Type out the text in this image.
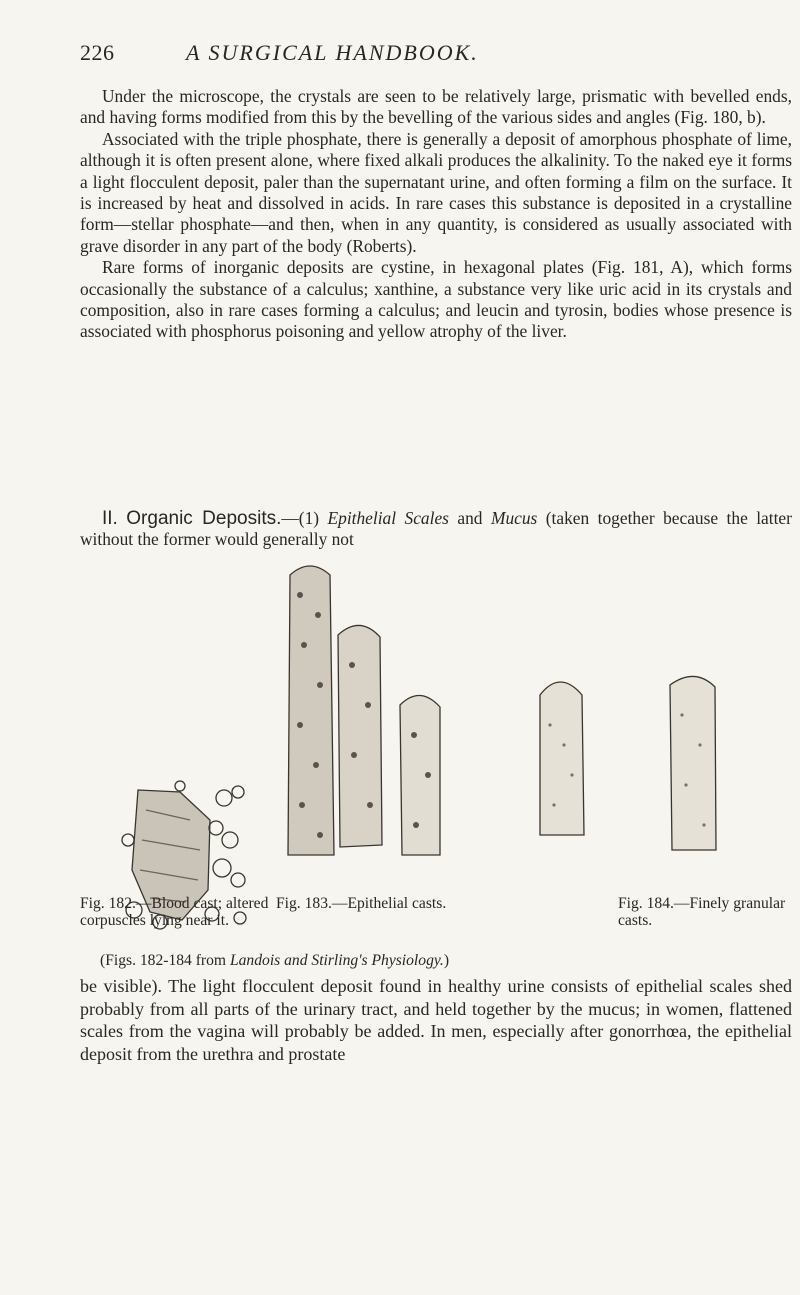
226	A SURGICAL HANDBOOK.

Under the microscope, the crystals are seen to be relatively large, prismatic with bevelled ends, and having forms modified from this by the bevelling of the various sides and angles (Fig. 180, b).

Associated with the triple phosphate, there is generally a deposit of amorphous phosphate of lime, although it is often present alone, where fixed alkali produces the alkalinity. To the naked eye it forms a light flocculent deposit, paler than the supernatant urine, and often forming a film on the surface. It is increased by heat and dissolved in acids. In rare cases this substance is deposited in a crystalline form—stellar phosphate—and then, when in any quantity, is considered as usually associated with grave disorder in any part of the body (Roberts).

Rare forms of inorganic deposits are cystine, in hexagonal plates (Fig. 181, A), which forms occasionally the substance of a calculus; xanthine, a substance very like uric acid in its crystals and composition, also in rare cases forming a calculus; and leucin and tyrosin, bodies whose presence is associated with phosphorus poisoning and yellow atrophy of the liver.

II. Organic Deposits.—(1) Epithelial Scales and Mucus (taken together because the latter without the former would generally not
Fig. 182.—Blood cast; altered corpuscles lying near it.
Fig. 183.—Epithelial casts.	Fig. 184.—Finely granular casts.
(Figs. 182-184 from Landois and Stirling's Physiology.)

be visible). The light flocculent deposit found in healthy urine consists of epithelial scales shed probably from all parts of the urinary tract, and held together by the mucus; in women, flattened scales from the vagina will probably be added. In men, especially after gonorrhœa, the epithelial deposit from the urethra and prostate
